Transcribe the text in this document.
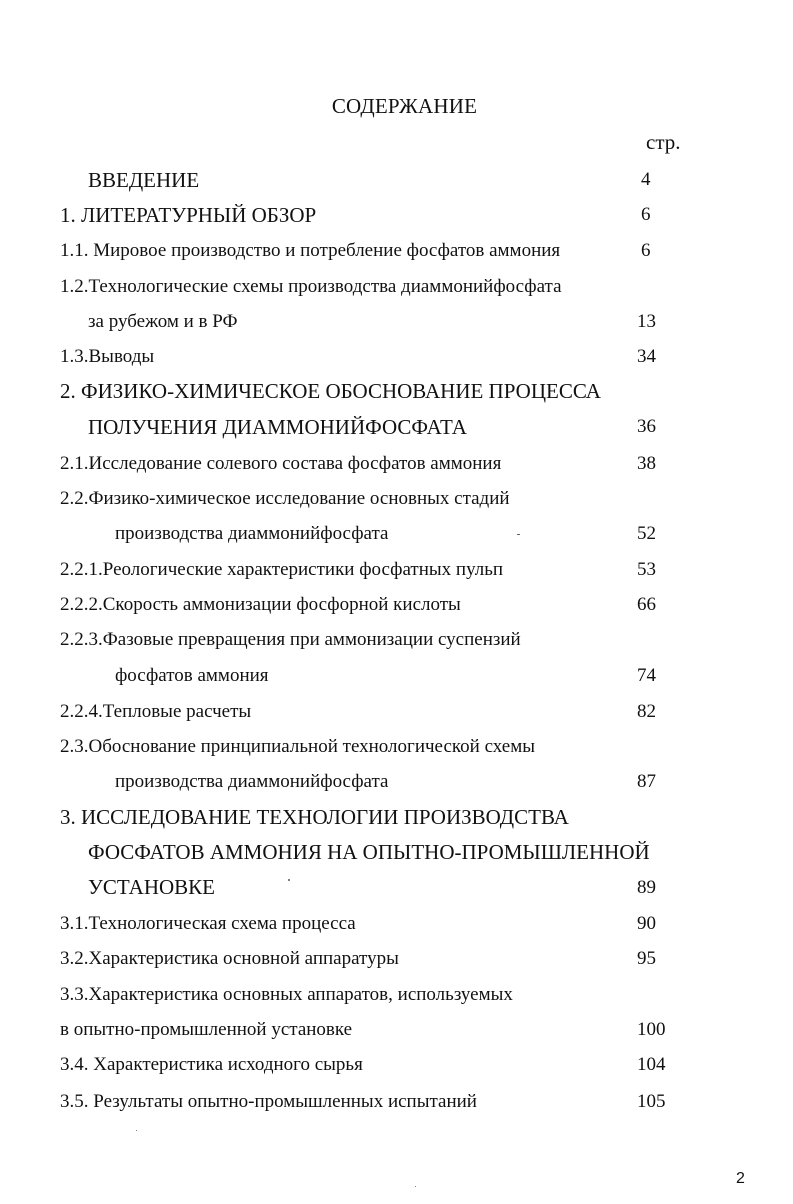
СОДЕРЖАНИЕ
стр.
ВВЕДЕНИЕ	4
1. ЛИТЕРАТУРНЫЙ ОБЗОР	6
1.1. Мировое производство и потребление фосфатов аммония	6
1.2.Технологические схемы производства диаммонийфосфата
за рубежом и в РФ	13
1.3.Выводы	34
2. ФИЗИКО-ХИМИЧЕСКОЕ ОБОСНОВАНИЕ ПРОЦЕССА
ПОЛУЧЕНИЯ ДИАММОНИЙФОСФАТА	36
2.1.Исследование солевого состава фосфатов аммония	38
2.2.Физико-химическое исследование основных стадий
производства диаммонийфосфата	52
2.2.1.Реологические характеристики фосфатных пульп	53
2.2.2.Скорость аммонизации фосфорной кислоты	66
2.2.3.Фазовые превращения при аммонизации суспензий
фосфатов аммония	74
2.2.4.Тепловые расчеты	82
2.3.Обоснование принципиальной технологической схемы
производства диаммонийфосфата	87
3. ИССЛЕДОВАНИЕ ТЕХНОЛОГИИ ПРОИЗВОДСТВА
ФОСФАТОВ АММОНИЯ НА ОПЫТНО-ПРОМЫШЛЕННОЙ
УСТАНОВКЕ	89
3.1.Технологическая схема процесса	90
3.2.Характеристика основной аппаратуры	95
3.3.Характеристика основных аппаратов, используемых
в опытно-промышленной установке	100
3.4. Характеристика исходного сырья	104
3.5. Результаты опытно-промышленных испытаний	105
2
